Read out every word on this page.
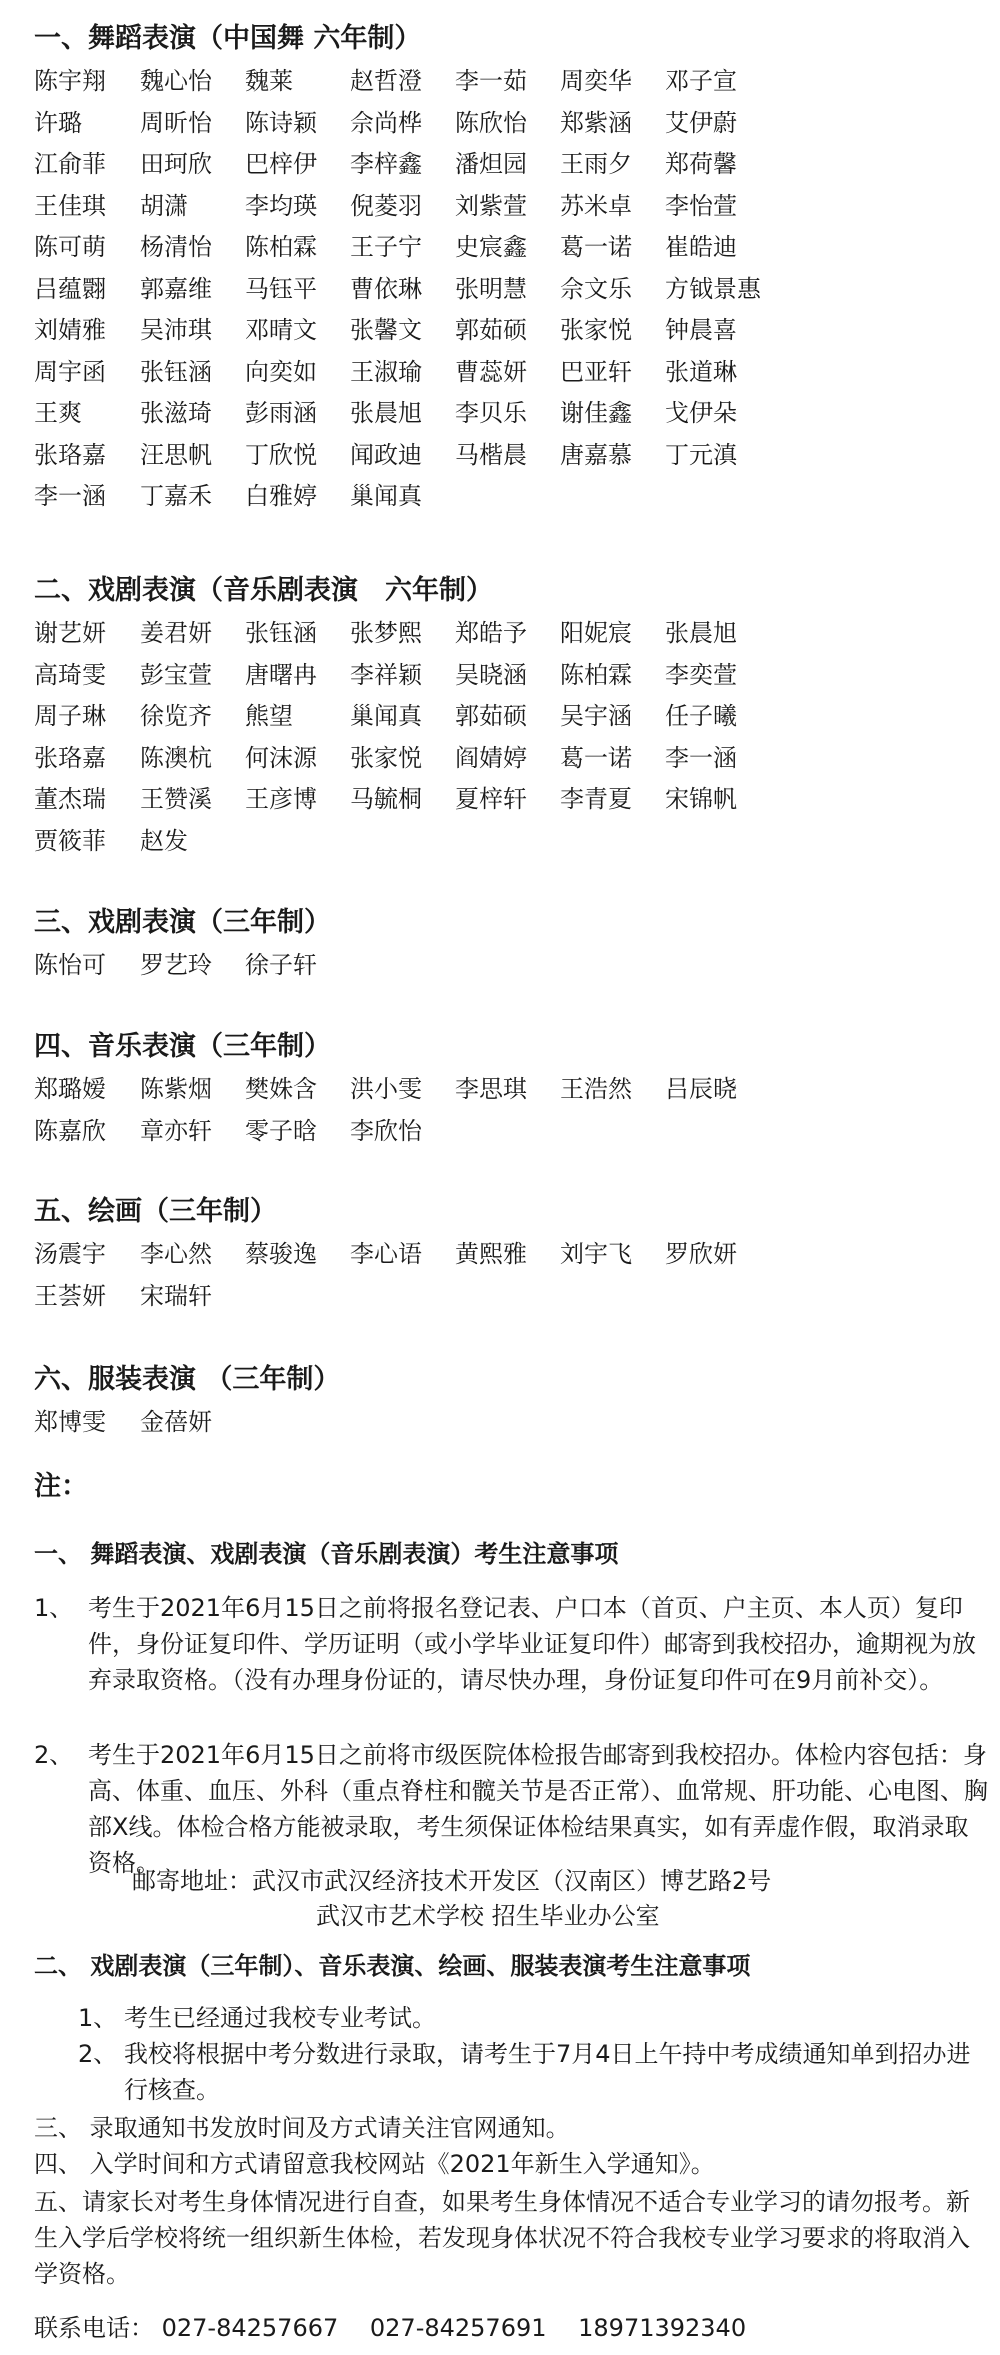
一、舞蹈表演（中国舞 六年制）
陈宇翔 魏心怡 魏莱 赵哲澄 李一茹 周奕华 邓子宣
许璐 周昕怡 陈诗颖 佘尚桦 陈欣怡 郑紫涵 艾伊蔚
江俞菲 田珂欣 巴梓伊 李梓鑫 潘炟园 王雨夕 郑荷馨
王佳琪 胡潇 李均瑛 倪菱羽 刘紫萱 苏米卓 李怡萱
陈可萌 杨清怡 陈柏霖 王子宁 史宸鑫 葛一诺 崔皓迪
吕蕴翾 郭嘉维 马钰平 曹依琳 张明慧 佘文乐 方钺景惠
刘婧雅 吴沛琪 邓晴文 张馨文 郭茹硕 张家悦 钟晨喜
周宇函 张钰涵 向奕如 王淑瑜 曹蕊妍 巴亚轩 张道琳
王爽 张滋琦 彭雨涵 张晨旭 李贝乐 谢佳鑫 戈伊朵
张珞嘉 汪思帆 丁欣悦 闻政迪 马楷晨 唐嘉慕 丁元滇
李一涵 丁嘉禾 白雅婷 巢闻真
二、戏剧表演（音乐剧表演　六年制）
谢艺妍 姜君妍 张钰涵 张梦熙 郑皓予 阳妮宸 张晨旭
高琦雯 彭宝萱 唐曙冉 李祥颖 吴晓涵 陈柏霖 李奕萱
周子琳 徐览齐 熊望 巢闻真 郭茹硕 吴宇涵 任子曦
张珞嘉 陈澳杭 何沫源 张家悦 阎婧婷 葛一诺 李一涵
董杰瑞 王赞溪 王彦博 马毓桐 夏梓轩 李青夏 宋锦帆
贾筱菲 赵发
三、戏剧表演（三年制）
陈怡可 罗艺玲 徐子轩
四、音乐表演（三年制）
郑璐嫒 陈紫烟 樊姝含 洪小雯 李思琪 王浩然 吕辰晓
陈嘉欣 章亦轩 零子晗 李欣怡
五、绘画（三年制）
汤震宇 李心然 蔡骏逸 李心语 黄熙雅 刘宇飞 罗欣妍
王荟妍 宋瑞轩
六、服装表演 （三年制）
郑博雯 金蓓妍
注：
一、 舞蹈表演、戏剧表演（音乐剧表演）考生注意事项
1、 考生于2021年6月15日之前将报名登记表、户口本（首页、户主页、本人页）复印件，身份证复印件、学历证明（或小学毕业证复印件）邮寄到我校招办，逾期视为放弃录取资格。（没有办理身份证的，请尽快办理，身份证复印件可在9月前补交）。
2、 考生于2021年6月15日之前将市级医院体检报告邮寄到我校招办。体检内容包括：身高、体重、血压、外科（重点脊柱和髋关节是否正常）、血常规、肝功能、心电图、胸部X线。体检合格方能被录取，考生须保证体检结果真实，如有弄虚作假，取消录取资格。
邮寄地址：武汉市武汉经济技术开发区（汉南区）博艺路2号
武汉市艺术学校 招生毕业办公室
二、 戏剧表演（三年制）、音乐表演、绘画、服装表演考生注意事项
1、 考生已经通过我校专业考试。
2、 我校将根据中考分数进行录取，请考生于7月4日上午持中考成绩通知单到招办进行核查。
三、 录取通知书发放时间及方式请关注官网通知。
四、 入学时间和方式请留意我校网站《2021年新生入学通知》。
五、请家长对考生身体情况进行自查，如果考生身体情况不适合专业学习的请勿报考。新生入学后学校将统一组织新生体检，若发现身体状况不符合我校专业学习要求的将取消入学资格。
联系电话： 027-84257667　 027-84257691　 18971392340
